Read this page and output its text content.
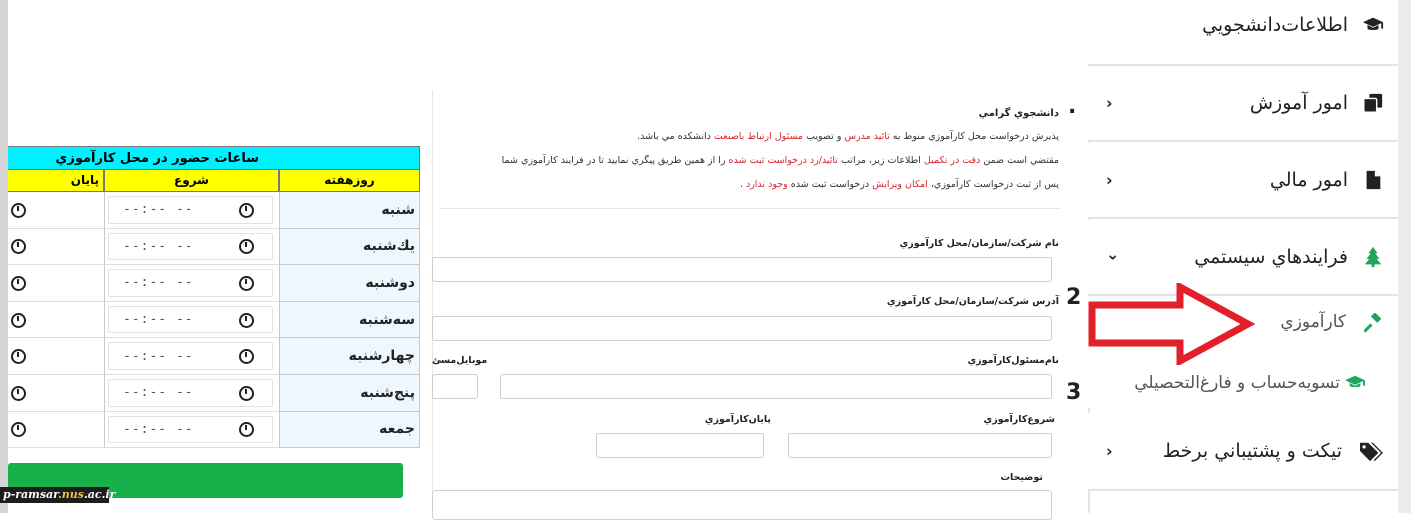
ساعات حضور در محل کارآموزي
روزهفته
شروع
پايان
شنبه
--:-- --
يك‌شنبه
--:-- --
دوشنبه
--:-- --
سه‌شنبه
--:-- --
چهارشنبه
--:-- --
پنج‌شنبه
--:-- --
جمعه
--:-- --
p-ramsar.nus.ac.ir
دانشجوي گرامي
پذيرش درخواست محل کارآموزي منوط به تائيد مدرس و تصويب مسئول ارتباط باصنعت دانشکده مي باشد.
مقتضي است ضمن دقت در تکميل اطلاعات زير، مراتب تائيد/رد درخواست ثبت شده را از همين طريق پيگري نماييد تا در فرايند کارآموزي شما
پس از ثبت درخواست کارآموزي، امکان ويرايش درخواست ثبت شده وجود ندارد .
نام شرکت/سازمان/محل کارآموزي
آدرس شرکت/سازمان/محل کارآموزي
نام‌مسئول‌کارآموزي
موبايل‌مسئ
شروع‌کارآموزي
پايان‌کارآموزي
توضيحات
.
2
3
اطلاعات‌دانشجويي
امور آموزش
›
امور مالي
›
فرايندهاي سيستمي
⌄
کارآموزي
تسويه‌حساب و فارغ‌التحصيلي
تيکت و پشتيباني برخط
›
